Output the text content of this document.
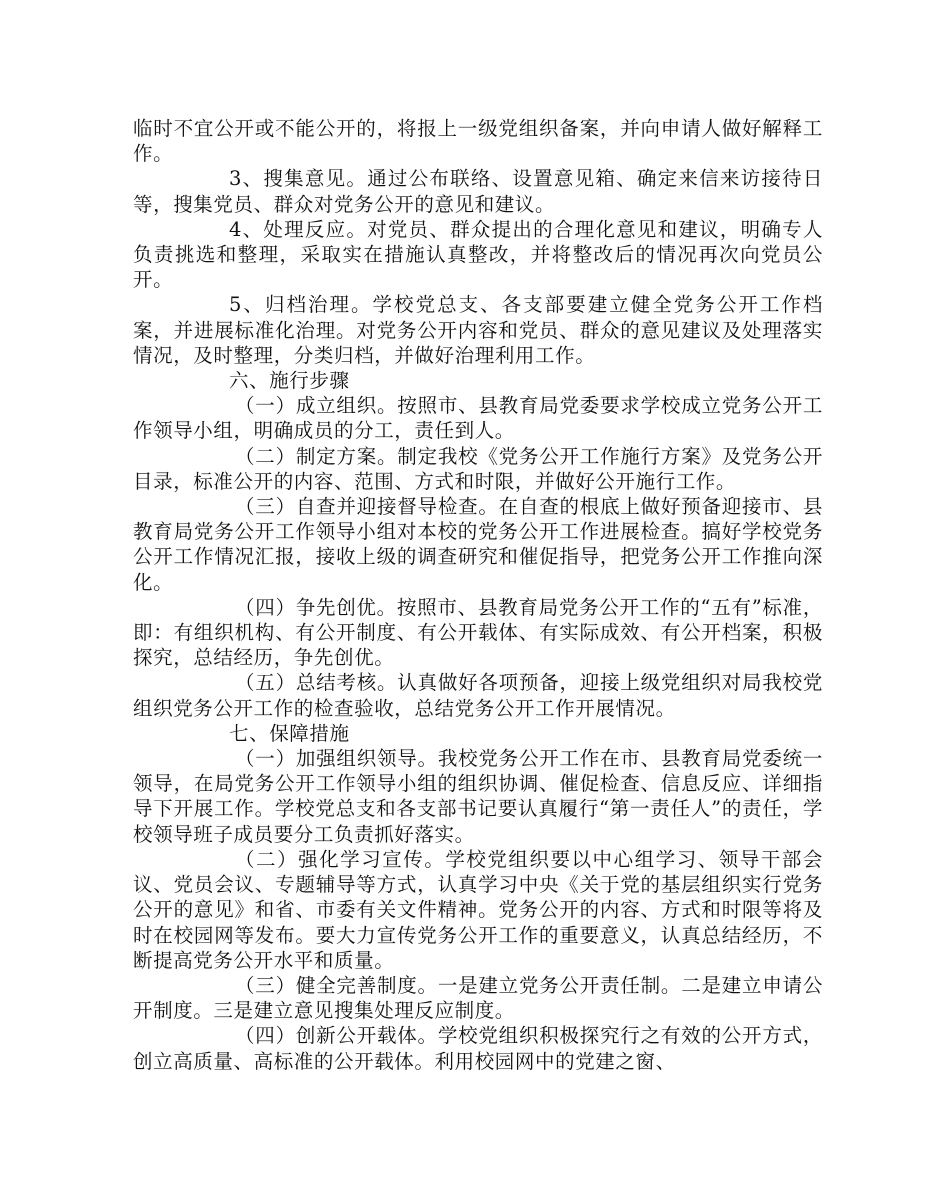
临时不宜公开或不能公开的，将报上一级党组织备案，并向申请人做好解释工作。

3、搜集意见。通过公布联络、设置意见箱、确定来信来访接待日等，搜集党员、群众对党务公开的意见和建议。

4、处理反应。对党员、群众提出的合理化意见和建议，明确专人负责挑选和整理，采取实在措施认真整改，并将整改后的情况再次向党员公开。

5、归档治理。学校党总支、各支部要建立健全党务公开工作档案，并进展标准化治理。对党务公开内容和党员、群众的意见建议及处理落实情况，及时整理，分类归档，并做好治理利用工作。

六、施行步骤

（一）成立组织。按照市、县教育局党委要求学校成立党务公开工作领导小组，明确成员的分工，责任到人。

（二）制定方案。制定我校《党务公开工作施行方案》及党务公开目录，标准公开的内容、范围、方式和时限，并做好公开施行工作。

（三）自查并迎接督导检查。在自查的根底上做好预备迎接市、县教育局党务公开工作领导小组对本校的党务公开工作进展检查。搞好学校党务公开工作情况汇报，接收上级的调查研究和催促指导，把党务公开工作推向深化。

（四）争先创优。按照市、县教育局党务公开工作的“五有”标准，即：有组织机构、有公开制度、有公开载体、有实际成效、有公开档案，积极探究，总结经历，争先创优。

（五）总结考核。认真做好各项预备，迎接上级党组织对局我校党组织党务公开工作的检查验收，总结党务公开工作开展情况。

七、保障措施

（一）加强组织领导。我校党务公开工作在市、县教育局党委统一领导，在局党务公开工作领导小组的组织协调、催促检查、信息反应、详细指导下开展工作。学校党总支和各支部书记要认真履行“第一责任人”的责任，学校领导班子成员要分工负责抓好落实。

（二）强化学习宣传。学校党组织要以中心组学习、领导干部会议、党员会议、专题辅导等方式，认真学习中央《关于党的基层组织实行党务公开的意见》和省、市委有关文件精神。党务公开的内容、方式和时限等将及时在校园网等发布。要大力宣传党务公开工作的重要意义，认真总结经历，不断提高党务公开水平和质量。

（三）健全完善制度。一是建立党务公开责任制。二是建立申请公开制度。三是建立意见搜集处理反应制度。

（四）创新公开载体。学校党组织积极探究行之有效的公开方式，创立高质量、高标准的公开载体。利用校园网中的党建之窗、
